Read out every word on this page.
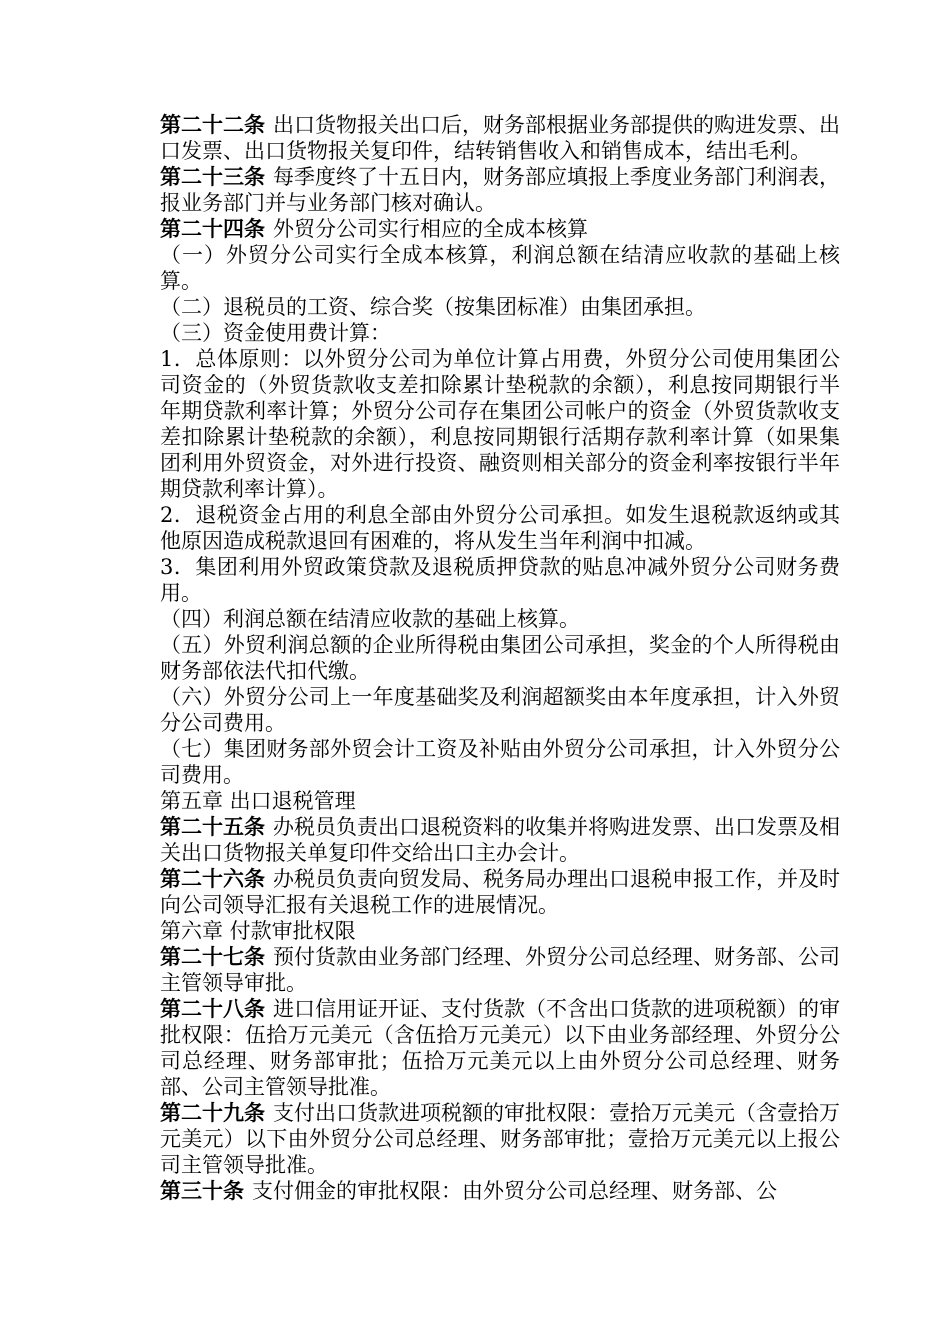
第二十二条 出口货物报关出口后，财务部根据业务部提供的购进发票、出口发票、出口货物报关复印件，结转销售收入和销售成本，结出毛利。

第二十三条 每季度终了十五日内，财务部应填报上季度业务部门利润表，报业务部门并与业务部门核对确认。

第二十四条 外贸分公司实行相应的全成本核算

（一）外贸分公司实行全成本核算，利润总额在结清应收款的基础上核算。

（二）退税员的工资、综合奖（按集团标准）由集团承担。

（三）资金使用费计算：

1．总体原则：以外贸分公司为单位计算占用费，外贸分公司使用集团公司资金的（外贸货款收支差扣除累计垫税款的余额），利息按同期银行半年期贷款利率计算；外贸分公司存在集团公司帐户的资金（外贸货款收支差扣除累计垫税款的余额），利息按同期银行活期存款利率计算（如果集团利用外贸资金，对外进行投资、融资则相关部分的资金利率按银行半年期贷款利率计算）。

2．退税资金占用的利息全部由外贸分公司承担。如发生退税款返纳或其他原因造成税款退回有困难的，将从发生当年利润中扣减。

3．集团利用外贸政策贷款及退税质押贷款的贴息冲减外贸分公司财务费用。

（四）利润总额在结清应收款的基础上核算。

（五）外贸利润总额的企业所得税由集团公司承担，奖金的个人所得税由财务部依法代扣代缴。

（六）外贸分公司上一年度基础奖及利润超额奖由本年度承担，计入外贸分公司费用。

（七）集团财务部外贸会计工资及补贴由外贸分公司承担，计入外贸分公司费用。

第五章 出口退税管理

第二十五条 办税员负责出口退税资料的收集并将购进发票、出口发票及相关出口货物报关单复印件交给出口主办会计。

第二十六条 办税员负责向贸发局、税务局办理出口退税申报工作，并及时向公司领导汇报有关退税工作的进展情况。

第六章 付款审批权限

第二十七条 预付货款由业务部门经理、外贸分公司总经理、财务部、公司主管领导审批。

第二十八条 进口信用证开证、支付货款（不含出口货款的进项税额）的审批权限：伍拾万元美元（含伍拾万元美元）以下由业务部经理、外贸分公司总经理、财务部审批；伍拾万元美元以上由外贸分公司总经理、财务部、公司主管领导批准。

第二十九条 支付出口货款进项税额的审批权限：壹拾万元美元（含壹拾万元美元）以下由外贸分公司总经理、财务部审批；壹拾万元美元以上报公司主管领导批准。

第三十条 支付佣金的审批权限：由外贸分公司总经理、财务部、公
